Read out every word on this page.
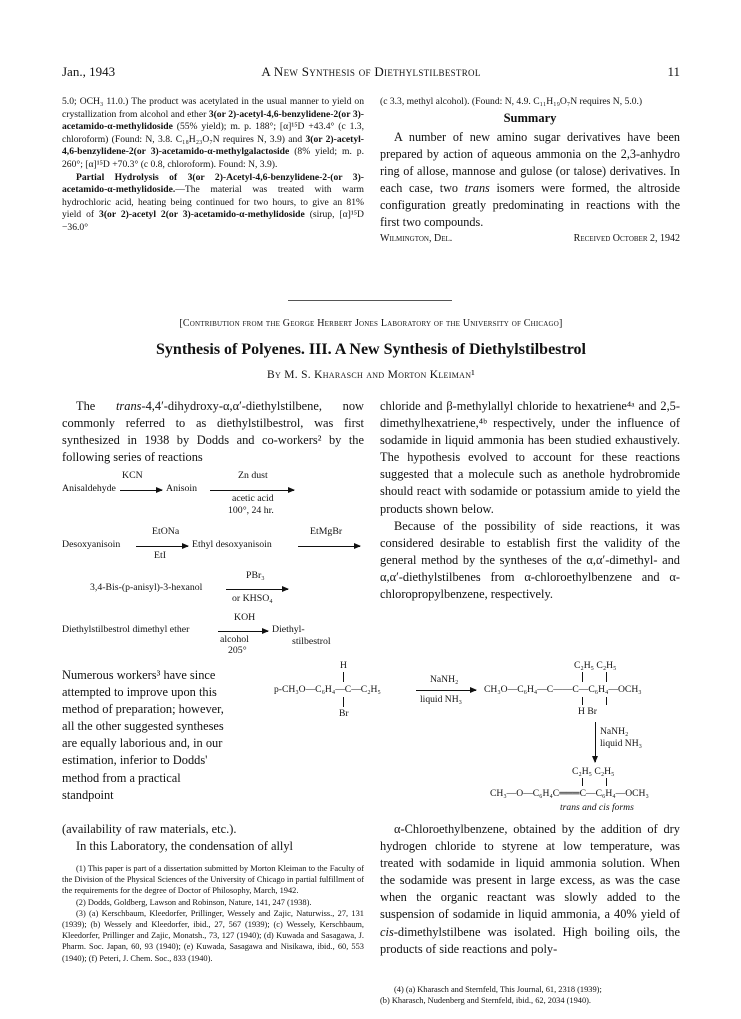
Jan., 1943	A New Synthesis of Diethylstilbestrol	11

5.0; OCH₃ 11.0.) The product was acetylated in the usual manner to yield on crystallization from alcohol and ether 3(or 2)-acetyl-4,6-benzylidene-2(or 3)-acetamido-α-methylidoside (55% yield); m. p. 188°; [α]¹⁵D +43.4° (c 1.3, chloroform) (Found: N, 3.8. C₁₈H₂₃O₇N requires N, 3.9) and 3(or 2)-acetyl-4,6-benzylidene-2(or 3)-acetamido-α-methylgalactoside (8% yield; m. p. 260°; [α]¹⁵D +70.3° (c 0.8, chloroform). Found: N, 3.9).

Partial Hydrolysis of 3(or 2)-Acetyl-4,6-benzylidene-2-(or 3)-acetamido-α-methylidoside.—The material was treated with warm hydrochloric acid, heating being continued for two hours, to give an 81% yield of 3(or 2)-acetyl 2(or 3)-acetamido-α-methylidoside (sirup, [α]¹⁵D −36.0°

(c 3.3, methyl alcohol). (Found: N, 4.9. C₁₁H₁₉O₇N requires N, 5.0.)

Summary

A number of new amino sugar derivatives have been prepared by action of aqueous ammonia on the 2,3-anhydro ring of allose, mannose and gulose (or talose) derivatives. In each case, two trans isomers were formed, the altroside configuration greatly predominating in reactions with the first two compounds.

Wilmington, Del.	Received October 2, 1942
[Contribution from the George Herbert Jones Laboratory of the University of Chicago]
Synthesis of Polyenes. III. A New Synthesis of Diethylstilbestrol
By M. S. Kharasch and Morton Kleiman¹

The trans-4,4′-dihydroxy-α,α′-diethylstilbene, now commonly referred to as diethylstilbestrol, was first synthesized in 1938 by Dodds and co-workers² by the following series of reactions

KCN
Anisaldehyde	Anisoin
Zn dust
acetic acid
100°, 24 hr.
EtONa
Desoxyanisoin
EtI
Ethyl desoxyanisoin
EtMgBr
PBr₃
3,4-Bis-(p-anisyl)-3-hexanol
or KHSO₄
KOH
Diethylstilbestrol dimethyl ether
alcohol
205°
Diethyl-
stilbestrol

Numerous workers³ have since attempted to improve upon this method of preparation; however, all the other suggested syntheses are equally laborious and, in our estimation, inferior to Dodds' method from a practical standpoint

(availability of raw materials, etc.).

In this Laboratory, the condensation of allyl

(1) This paper is part of a dissertation submitted by Morton Kleiman to the Faculty of the Division of the Physical Sciences of the University of Chicago in partial fulfillment of the requirements for the degree of Doctor of Philosophy, March, 1942.

(2) Dodds, Goldberg, Lawson and Robinson, Nature, 141, 247 (1938).

(3) (a) Kerschbaum, Kleedorfer, Prillinger, Wessely and Zajic, Naturwiss., 27, 131 (1939); (b) Wessely and Kleedorfer, ibid., 27, 567 (1939); (c) Wessely, Kerschbaum, Kleedorfer, Prillinger and Zajic, Monatsh., 73, 127 (1940); (d) Kuwada and Sasagawa, J. Pharm. Soc. Japan, 60, 93 (1940); (e) Kuwada, Sasagawa and Nisikawa, ibid., 60, 553 (1940); (f) Peteri, J. Chem. Soc., 833 (1940).

chloride and β-methylallyl chloride to hexatriene⁴ᵃ and 2,5-dimethylhexatriene,⁴ᵇ respectively, under the influence of sodamide in liquid ammonia has been studied exhaustively. The hypothesis evolved to account for these reactions suggested that a molecule such as anethole hydrobromide should react with sodamide or potassium amide to yield the products shown below.

Because of the possibility of side reactions, it was considered desirable to establish first the validity of the general method by the syntheses of the α,α′-dimethyl- and α,α′-diethylstilbenes from α-chloroethylbenzene and α-chloropropylbenzene, respectively.

H
p-CH₃O—C₆H₄—C—C₂H₅
Br
NaNH₂
liquid NH₃
C₂H₅ C₂H₅
CH₃O—C₆H₄—C——C—C₆H₄—OCH₃
H Br
NaNH₂
liquid NH₃
C₂H₅ C₂H₅
CH₃—O—C₆H₄C═══C—C₆H₄—OCH₃
trans and cis forms

α-Chloroethylbenzene, obtained by the addition of dry hydrogen chloride to styrene at low temperature, was treated with sodamide in liquid ammonia solution. When the sodamide was present in large excess, as was the case when the organic reactant was slowly added to the suspension of sodamide in liquid ammonia, a 40% yield of cis-dimethylstilbene was isolated. High boiling oils, the products of side reactions and poly-

(4) (a) Kharasch and Sternfeld, This Journal, 61, 2318 (1939);

(b) Kharasch, Nudenberg and Sternfeld, ibid., 62, 2034 (1940).
